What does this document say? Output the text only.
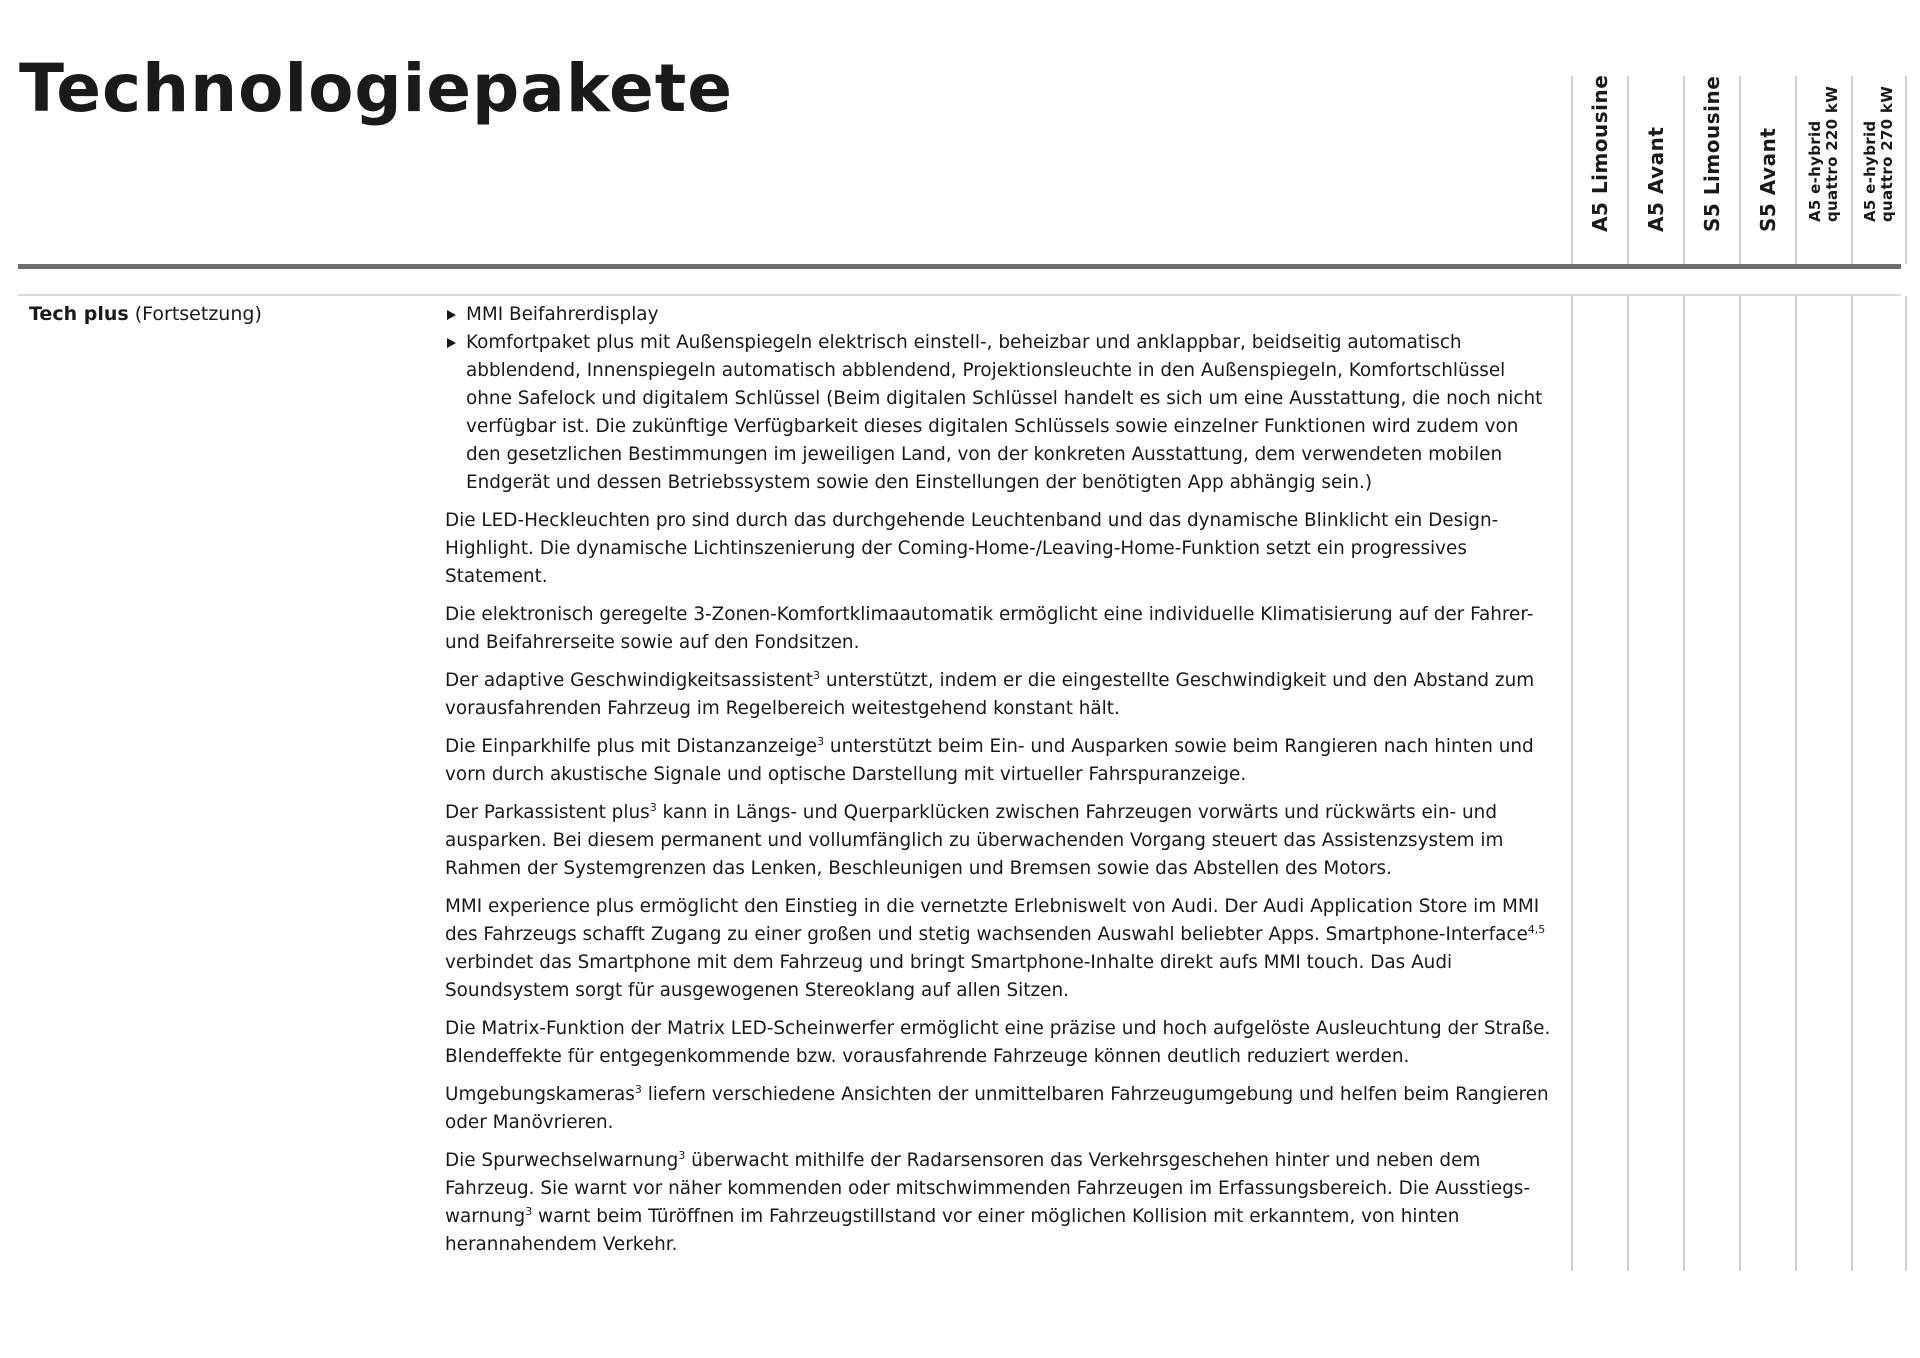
Technologiepakete	A5 Limousine A5 Avant S5 Limousine S5 Avant A5 e-hybrid quattro 220 kW A5 e-hybrid quattro 270 kW
Tech plus (Fortsetzung)	MMI Beifahrerdisplay
Komfortpaket plus mit Außenspiegeln elektrisch einstell-, beheizbar und anklappbar, beidseitig automatisch abblendend, Innenspiegeln automatisch abblendend, Projektionsleuchte in den Außenspiegeln, Komfortschlüssel ohne Safelock und digitalem Schlüssel (Beim digitalen Schlüssel handelt es sich um eine Ausstattung, die noch nicht verfügbar ist. Die zukünftige Verfügbarkeit dieses digitalen Schlüssels sowie einzelner Funktionen wird zudem von den gesetzlichen Bestimmungen im jeweiligen Land, von der konkreten Ausstattung, dem verwendeten mobilen Endgerät und dessen Betriebssystem sowie den Einstellungen der benötigten App abhängig sein.)

Die LED-Heckleuchten pro sind durch das durchgehende Leuchtenband und das dynamische Blinklicht ein Design-Highlight. Die dynamische Lichtinszenierung der Coming-Home-/Leaving-Home-Funktion setzt ein progressives Statement.

Die elektronisch geregelte 3-Zonen-Komfortklimaautomatik ermöglicht eine individuelle Klimatisierung auf der Fahrer- und Beifahrerseite sowie auf den Fondsitzen.

Der adaptive Geschwindigkeitsassistent$^3$ unterstützt, indem er die eingestellte Geschwindigkeit und den Abstand zum vorausfahrenden Fahrzeug im Regelbereich weitestgehend konstant hält.

Die Einparkhilfe plus mit Distanzanzeige$^3$ unterstützt beim Ein- und Ausparken sowie beim Rangieren nach hinten und vorn durch akustische Signale und optische Darstellung mit virtueller Fahrspuranzeige.

Der Parkassistent plus$^3$ kann in Längs- und Querparklücken zwischen Fahrzeugen vorwärts und rückwärts ein- und ausparken. Bei diesem permanent und vollumfänglich zu überwachenden Vorgang steuert das Assistenzsystem im Rahmen der Systemgrenzen das Lenken, Beschleunigen und Bremsen sowie das Abstellen des Motors.

MMI experience plus ermöglicht den Einstieg in die vernetzte Erlebniswelt von Audi. Der Audi Application Store im MMI des Fahrzeugs schafft Zugang zu einer großen und stetig wachsenden Auswahl beliebter Apps. Smartphone-Interface$^{4,5}$ verbindet das Smartphone mit dem Fahrzeug und bringt Smartphone-Inhalte direkt aufs MMI touch. Das Audi Soundsystem sorgt für ausgewogenen Stereoklang auf allen Sitzen.

Die Matrix-Funktion der Matrix LED-Scheinwerfer ermöglicht eine präzise und hoch aufgelöste Ausleuchtung der Straße. Blendeffekte für entgegenkommende bzw. vorausfahrende Fahrzeuge können deutlich reduziert werden.

Umgebungskameras$^3$ liefern verschiedene Ansichten der unmittelbaren Fahrzeugumgebung und helfen beim Rangieren oder Manövrieren.

Die Spurwechselwarnung$^3$ überwacht mithilfe der Radarsensoren das Verkehrsgeschehen hinter und neben dem Fahrzeug. Sie warnt vor näher kommenden oder mitschwimmenden Fahrzeugen im Erfassungsbereich. Die Ausstiegs-warnung$^3$ warnt beim Türöffnen im Fahrzeugstillstand vor einer möglichen Kollision mit erkanntem, von hinten herannahendem Verkehr.
